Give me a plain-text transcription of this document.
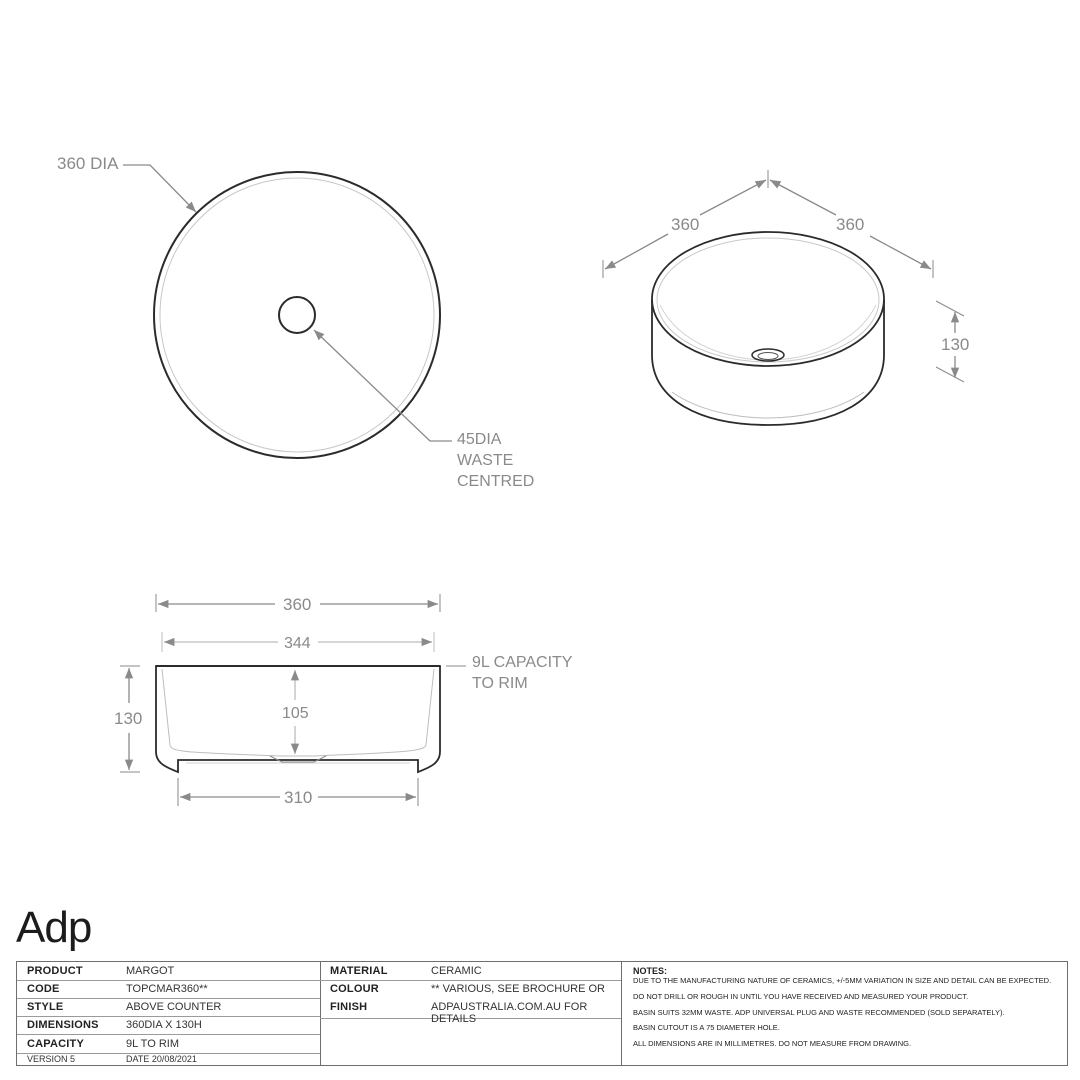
360 DIA
45DIA
WASTE
CENTRED
360	360
130
360
344
130	105
310
9L CAPACITY
TO RIM
Adp
PRODUCT	MARGOT
CODE	TOPCMAR360**
STYLE	ABOVE COUNTER
DIMENSIONS 360DIA X 130H
CAPACITY	9L TO RIM
VERSION 5	DATE 20/08/2021
MATERIAL	CERAMIC
COLOUR	** VARIOUS, SEE BROCHURE OR
FINISH	ADPAUSTRALIA.COM.AU FOR DETAILS
NOTES:
DUE TO THE MANUFACTURING NATURE OF CERAMICS, +/-5MM VARIATION IN SIZE AND DETAIL CAN BE EXPECTED.
DO NOT DRILL OR ROUGH IN UNTIL YOU HAVE RECEIVED AND MEASURED YOUR PRODUCT.
BASIN SUITS 32MM WASTE. ADP UNIVERSAL PLUG AND WASTE RECOMMENDED (SOLD SEPARATELY).
BASIN CUTOUT IS A 75 DIAMETER HOLE.
ALL DIMENSIONS ARE IN MILLIMETRES. DO NOT MEASURE FROM DRAWING.
